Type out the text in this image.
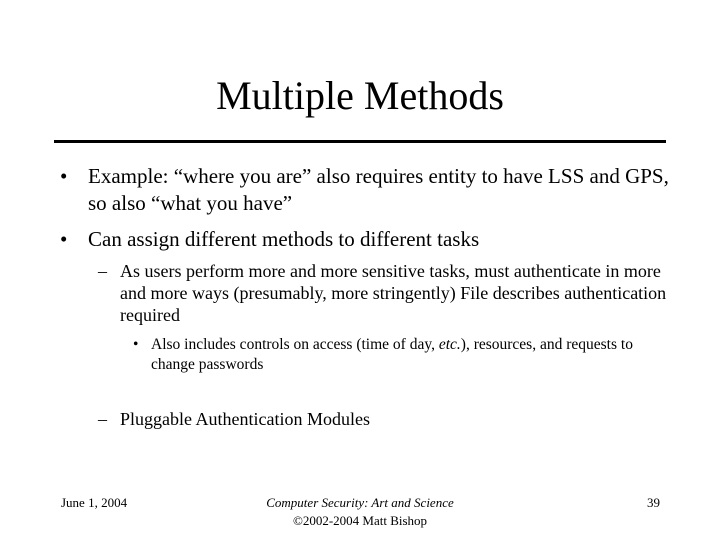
Multiple Methods
• Example: “where you are” also requires entity to have LSS and GPS, so also “what you have”
• Can assign different methods to different tasks
– As users perform more and more sensitive tasks, must authenticate in more and more ways (presumably, more stringently) File describes authentication required
• Also includes controls on access (time of day, etc.), resources, and requests to change passwords
– Pluggable Authentication Modules
June 1, 2004	Computer Security: Art and Science
©2002-2004 Matt Bishop
39
